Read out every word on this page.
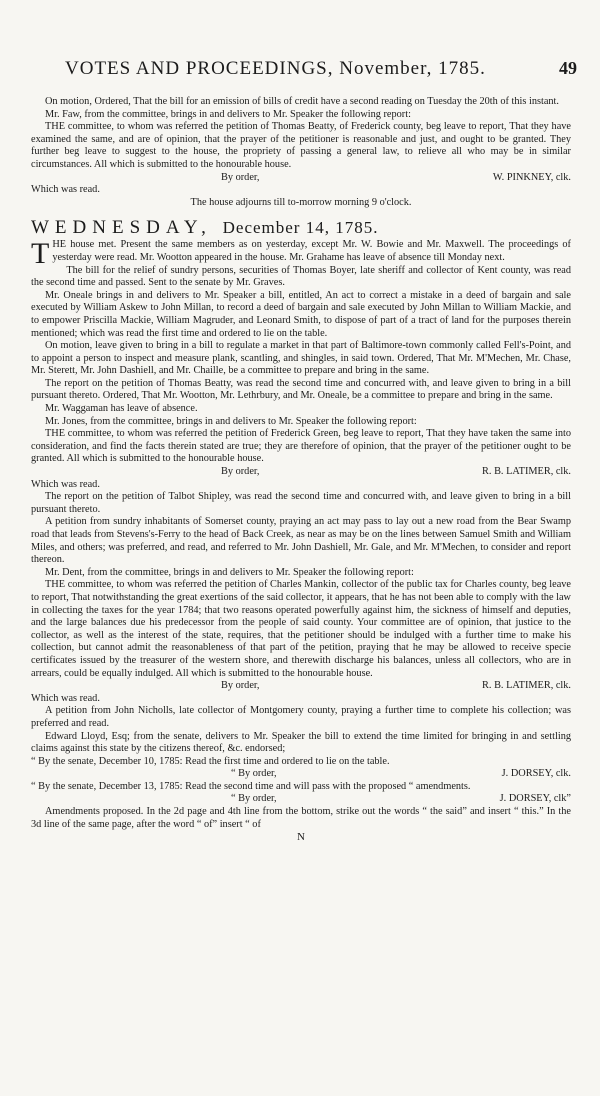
VOTES AND PROCEEDINGS, November, 1785.	49

On motion, Ordered, That the bill for an emission of bills of credit have a second reading on Tuesday the 20th of this instant.

Mr. Faw, from the committee, brings in and delivers to Mr. Speaker the following report:

THE committee, to whom was referred the petition of Thomas Beatty, of Frederick county, beg leave to report, That they have examined the same, and are of opinion, that the prayer of the petitioner is reasonable and just, and ought to be granted. They further beg leave to suggest to the house, the propriety of passing a general law, to relieve all who may be in similar circumstances. All which is submitted to the honourable house.

By order,	W. PINKNEY, clk.

Which was read.

The house adjourns till to-morrow morning 9 o'clock.
WEDNESDAY, December 14, 1785.

THE house met. Present the same members as on yesterday, except Mr. W. Bowie and Mr. Maxwell. The proceedings of yesterday were read. Mr. Wootton appeared in the house. Mr. Grahame has leave of absence till Monday next.

The bill for the relief of sundry persons, securities of Thomas Boyer, late sheriff and collector of Kent county, was read the second time and passed. Sent to the senate by Mr. Graves.

Mr. Oneale brings in and delivers to Mr. Speaker a bill, entitled, An act to correct a mistake in a deed of bargain and sale executed by William Askew to John Millan, to record a deed of bargain and sale executed by John Millan to William Mackie, and to empower Priscilla Mackie, William Magruder, and Leonard Smith, to dispose of part of a tract of land for the purposes therein mentioned; which was read the first time and ordered to lie on the table.

On motion, leave given to bring in a bill to regulate a market in that part of Baltimore-town commonly called Fell's-Point, and to appoint a person to inspect and measure plank, scantling, and shingles, in said town. Ordered, That Mr. M'Mechen, Mr. Chase, Mr. Sterett, Mr. John Dashiell, and Mr. Chaille, be a committee to prepare and bring in the same.

The report on the petition of Thomas Beatty, was read the second time and concurred with, and leave given to bring in a bill pursuant thereto. Ordered, That Mr. Wootton, Mr. Lethrbury, and Mr. Oneale, be a committee to prepare and bring in the same.

Mr. Waggaman has leave of absence.

Mr. Jones, from the committee, brings in and delivers to Mr. Speaker the following report:

THE committee, to whom was referred the petition of Frederick Green, beg leave to report, That they have taken the same into consideration, and find the facts therein stated are true; they are therefore of opinion, that the prayer of the petitioner ought to be granted. All which is submitted to the honourable house.

By order,	R. B. LATIMER, clk.

Which was read.

The report on the petition of Talbot Shipley, was read the second time and concurred with, and leave given to bring in a bill pursuant thereto.

A petition from sundry inhabitants of Somerset county, praying an act may pass to lay out a new road from the Bear Swamp road that leads from Stevens's-Ferry to the head of Back Creek, as near as may be on the lines between Samuel Smith and William Miles, and others; was preferred, and read, and referred to Mr. John Dashiell, Mr. Gale, and Mr. M'Mechen, to consider and report thereon.

Mr. Dent, from the committee, brings in and delivers to Mr. Speaker the following report:

THE committee, to whom was referred the petition of Charles Mankin, collector of the public tax for Charles county, beg leave to report, That notwithstanding the great exertions of the said collector, it appears, that he has not been able to comply with the law in collecting the taxes for the year 1784; that two reasons operated powerfully against him, the sickness of himself and deputies, and the large balances due his predecessor from the people of said county. Your committee are of opinion, that justice to the collector, as well as the interest of the state, requires, that the petitioner should be indulged with a further time to make his collection, but cannot admit the reasonableness of that part of the petition, praying that he may be allowed to receive specie certificates issued by the treasurer of the western shore, and therewith discharge his balances, unless all collectors, who are in arrears, could be equally indulged. All which is submitted to the honourable house.

By order,	R. B. LATIMER, clk.

Which was read.

A petition from John Nicholls, late collector of Montgomery county, praying a further time to complete his collection; was preferred and read.

Edward Lloyd, Esq; from the senate, delivers to Mr. Speaker the bill to extend the time limited for bringing in and settling claims against this state by the citizens thereof, &c. endorsed;

“ By the senate, December 10, 1785: Read the first time and ordered to lie on the table.

“ By order,	J. DORSEY, clk.

“ By the senate, December 13, 1785: Read the second time and will pass with the proposed “ amendments.

“ By order,	J. DORSEY, clk”

Amendments proposed. In the 2d page and 4th line from the bottom, strike out the words “ the said” and insert “ this.” In the 3d line of the same page, after the word “ of” insert “ of

N
